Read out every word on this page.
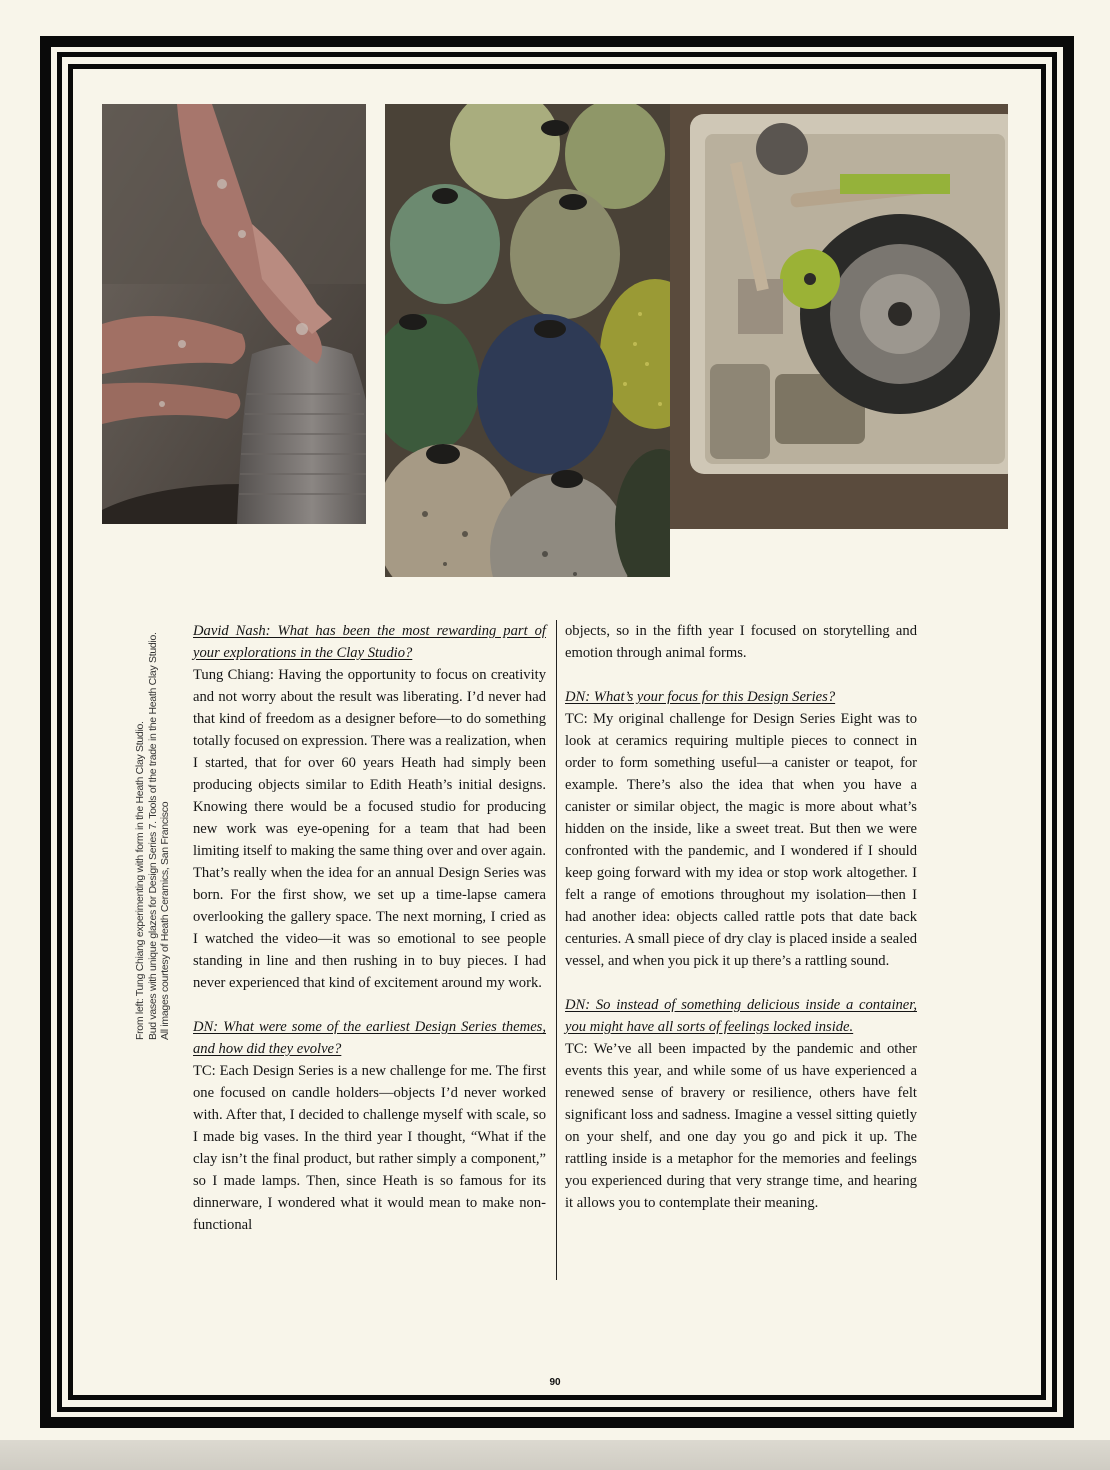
From left: Tung Chiang experimenting with form in the Heath Clay Studio. Bud vases with unique glazes for Design Series 7. Tools of the trade in the Heath Clay Studio. All images courtesy of Heath Ceramics, San Francisco

David Nash: What has been the most rewarding part of your explorations in the Clay Studio?

Tung Chiang: Having the opportunity to focus on creativity and not worry about the result was liberating. I’d never had that kind of freedom as a designer before—to do something totally focused on expression. There was a realization, when I started, that for over 60 years Heath had simply been producing objects similar to Edith Heath’s initial designs. Knowing there would be a focused studio for producing new work was eye-opening for a team that had been limiting itself to making the same thing over and over again. That’s really when the idea for an annual Design Series was born. For the first show, we set up a time-lapse camera overlooking the gallery space. The next morning, I cried as I watched the video—it was so emotional to see people standing in line and then rushing in to buy pieces. I had never experienced that kind of excitement around my work.

DN: What were some of the earliest Design Series themes, and how did they evolve?

TC: Each Design Series is a new challenge for me. The first one focused on candle holders—objects I’d never worked with. After that, I decided to challenge myself with scale, so I made big vases. In the third year I thought, “What if the clay isn’t the final product, but rather simply a component,” so I made lamps. Then, since Heath is so famous for its dinnerware, I wondered what it would mean to make non-functional

objects, so in the fifth year I focused on storytelling and emotion through animal forms.

DN: What’s your focus for this Design Series?

TC: My original challenge for Design Series Eight was to look at ceramics requiring multiple pieces to connect in order to form something useful—a canister or teapot, for example. There’s also the idea that when you have a canister or similar object, the magic is more about what’s hidden on the inside, like a sweet treat. But then we were confronted with the pandemic, and I wondered if I should keep going forward with my idea or stop work altogether. I felt a range of emotions throughout my isolation—then I had another idea: objects called rattle pots that date back centuries. A small piece of dry clay is placed inside a sealed vessel, and when you pick it up there’s a rattling sound.

DN: So instead of something delicious inside a container, you might have all sorts of feelings locked inside.

TC: We’ve all been impacted by the pandemic and other events this year, and while some of us have experienced a renewed sense of bravery or resilience, others have felt significant loss and sadness. Imagine a vessel sitting quietly on your shelf, and one day you go and pick it up. The rattling inside is a metaphor for the memories and feelings you experienced during that very strange time, and hearing it allows you to contemplate their meaning.

90
